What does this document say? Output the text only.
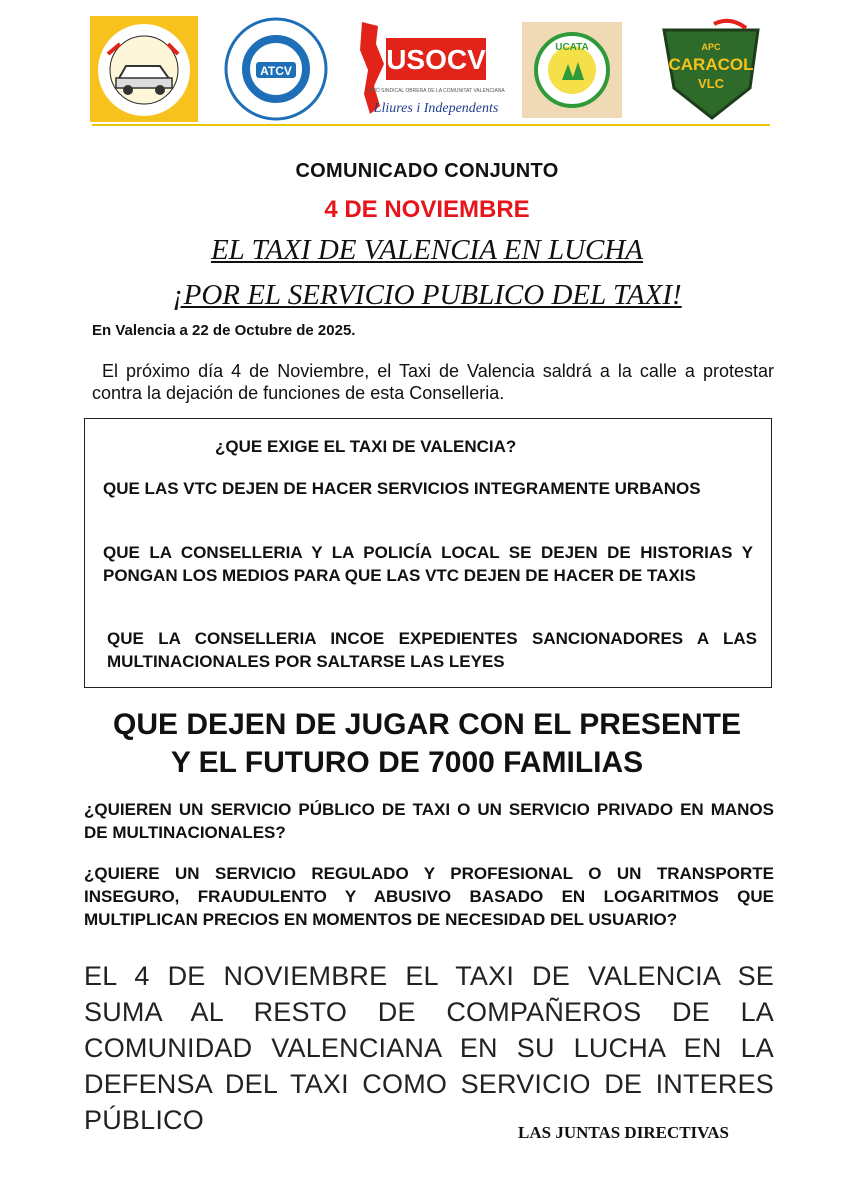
ATCV	USOCV
UNIÓ SINDICAL OBRERA DE LA COMUNITAT VALENCIANA
Lliures i Independents
UCATA	APC
CARACOL
VLC
COMUNICADO CONJUNTO
4 DE NOVIEMBRE
EL TAXI DE VALENCIA EN LUCHA
¡POR EL SERVICIO PUBLICO DEL TAXI!
En Valencia a 22 de Octubre de 2025.
El próximo día 4 de Noviembre, el Taxi de Valencia saldrá a la calle a protestar contra la dejación de funciones de esta Conselleria.
¿QUE EXIGE EL TAXI DE VALENCIA?
QUE LAS VTC DEJEN DE HACER SERVICIOS INTEGRAMENTE URBANOS
QUE LA CONSELLERIA Y LA POLICÍA LOCAL SE DEJEN DE HISTORIAS Y PONGAN LOS MEDIOS PARA QUE LAS VTC DEJEN DE HACER DE TAXIS
QUE LA CONSELLERIA INCOE EXPEDIENTES SANCIONADORES A LAS MULTINACIONALES POR SALTARSE LAS LEYES
QUE DEJEN DE JUGAR CON EL PRESENTE
Y EL FUTURO DE 7000 FAMILIAS
¿QUIEREN UN SERVICIO PÚBLICO DE TAXI O UN SERVICIO PRIVADO EN MANOS DE MULTINACIONALES?
¿QUIERE UN SERVICIO REGULADO Y PROFESIONAL O UN TRANSPORTE INSEGURO, FRAUDULENTO Y ABUSIVO BASADO EN LOGARITMOS QUE MULTIPLICAN PRECIOS EN MOMENTOS DE NECESIDAD DEL USUARIO?
EL 4 DE NOVIEMBRE EL TAXI DE VALENCIA SE SUMA AL RESTO DE COMPAÑEROS DE LA COMUNIDAD VALENCIANA EN SU LUCHA EN LA DEFENSA DEL TAXI COMO SERVICIO DE INTERES PÚBLICO	LAS JUNTAS DIRECTIVAS
